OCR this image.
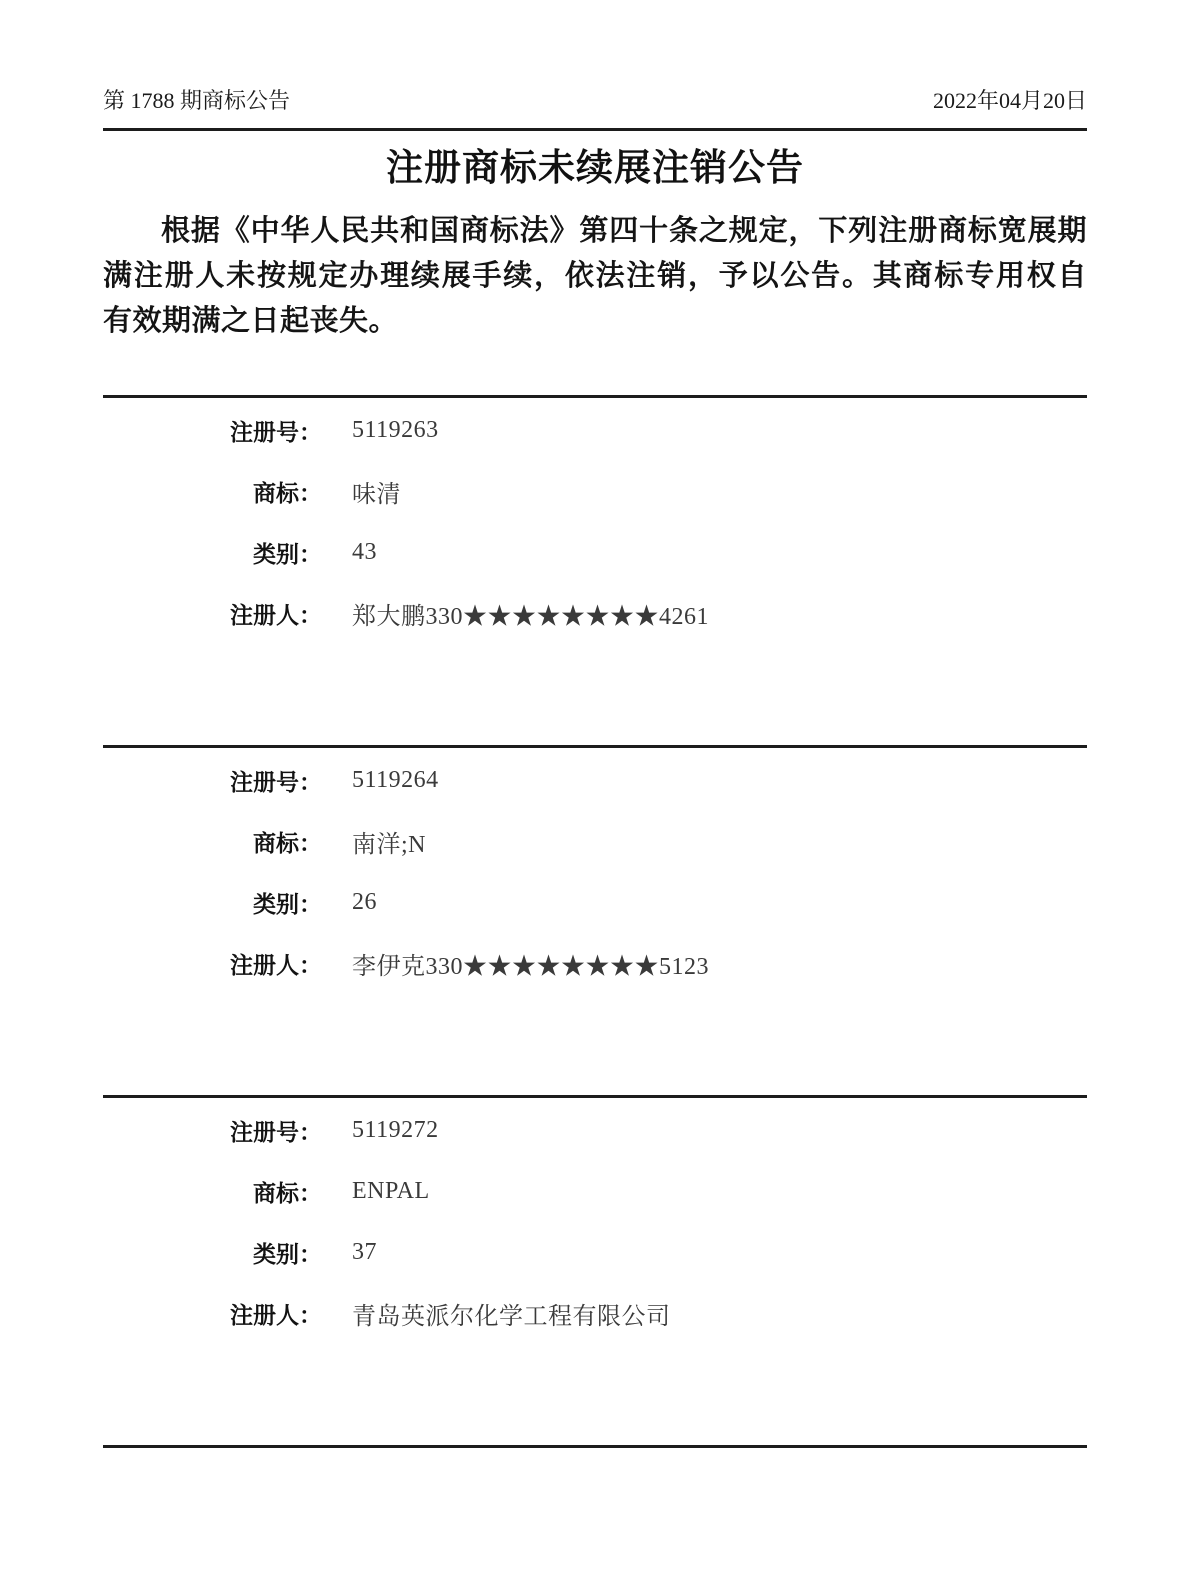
第 1788 期商标公告	2022年04月20日
注册商标未续展注销公告
根据《中华人民共和国商标法》第四十条之规定，下列注册商标宽展期
满注册人未按规定办理续展手续，依法注销，予以公告。其商标专用权自
有效期满之日起丧失。
注册号： 5119263
商标： 味清
类别： 43
注册人： 郑大鹏330★★★★★★★★4261
注册号： 5119264
商标： 南洋;N
类别： 26
注册人： 李伊克330★★★★★★★★5123
注册号： 5119272
商标： ENPAL
类别： 37
注册人： 青岛英派尔化学工程有限公司
